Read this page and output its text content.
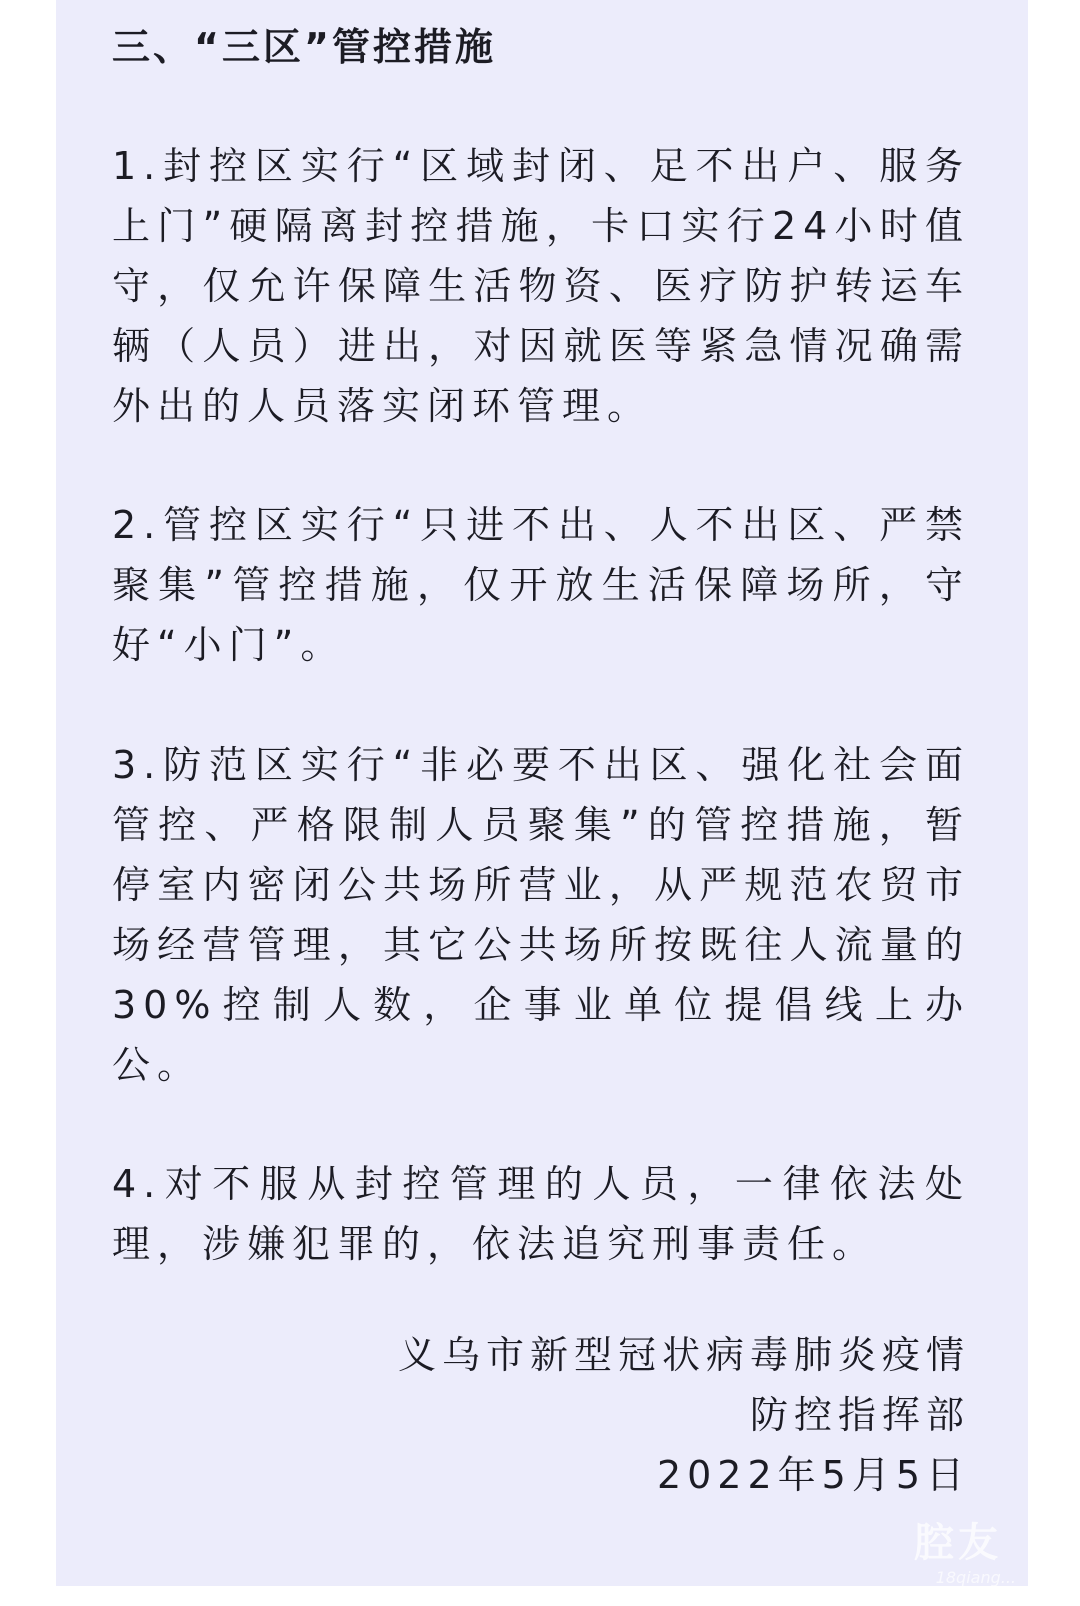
三、“三区”管控措施
1.封控区实行“区域封闭、足不出户、服务上门”硬隔离封控措施，卡口实行24小时值守，仅允许保障生活物资、医疗防护转运车辆（人员）进出，对因就医等紧急情况确需外出的人员落实闭环管理。
2.管控区实行“只进不出、人不出区、严禁聚集”管控措施，仅开放生活保障场所，守好“小门”。
3.防范区实行“非必要不出区、强化社会面管控、严格限制人员聚集”的管控措施，暂停室内密闭公共场所营业，从严规范农贸市场经营管理，其它公共场所按既往人流量的30%控制人数，企事业单位提倡线上办公。
4.对不服从封控管理的人员，一律依法处理，涉嫌犯罪的，依法追究刑事责任。
义乌市新型冠状病毒肺炎疫情
防控指挥部
2022年5月5日
腔友
18qiang...
